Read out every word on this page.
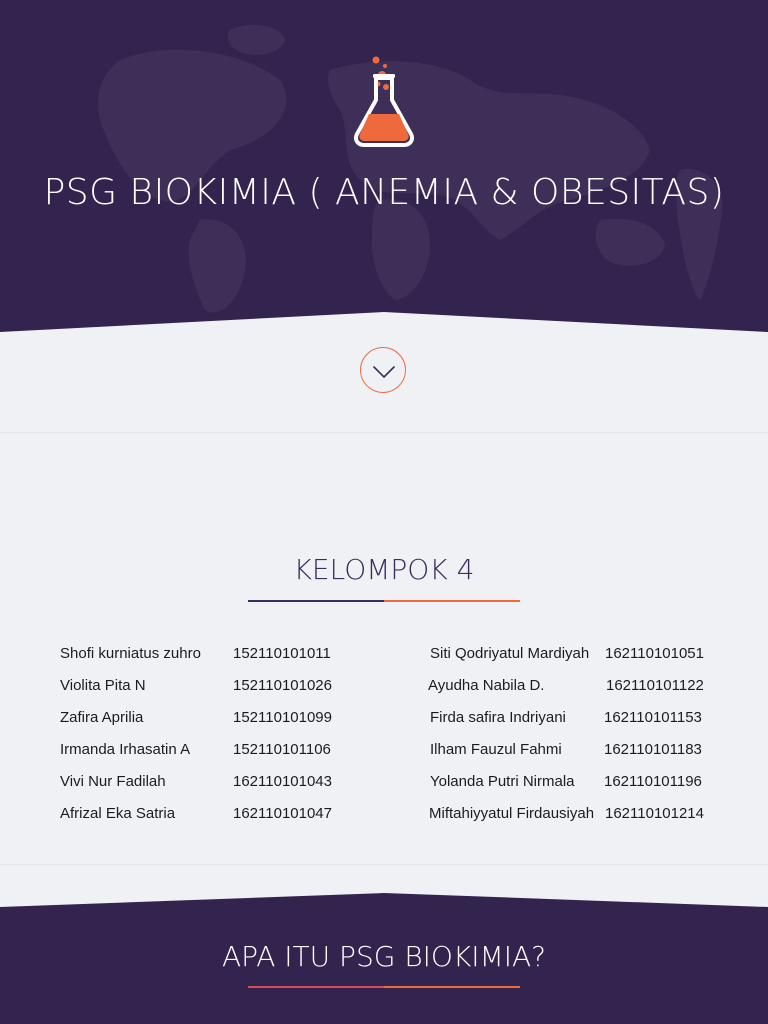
PSG BIOKIMIA ( ANEMIA & OBESITAS)
KELOMPOK 4
Shofi kurniatus zuhro 152110101011
Violita Pita N	152110101026
Zafira Aprilia	152110101099
Irmanda Irhasatin A	152110101106
Vivi Nur Fadilah	162110101043
Afrizal Eka Satria	162110101047
Siti Qodriyatul Mardiyah 162110101051
Ayudha Nabila D.	162110101122
Firda safira Indriyani	162110101153
Ilham Fauzul Fahmi	162110101183
Yolanda Putri Nirmala 162110101196
Miftahiyyatul Firdausiyah 162110101214
APA ITU PSG BIOKIMIA?
